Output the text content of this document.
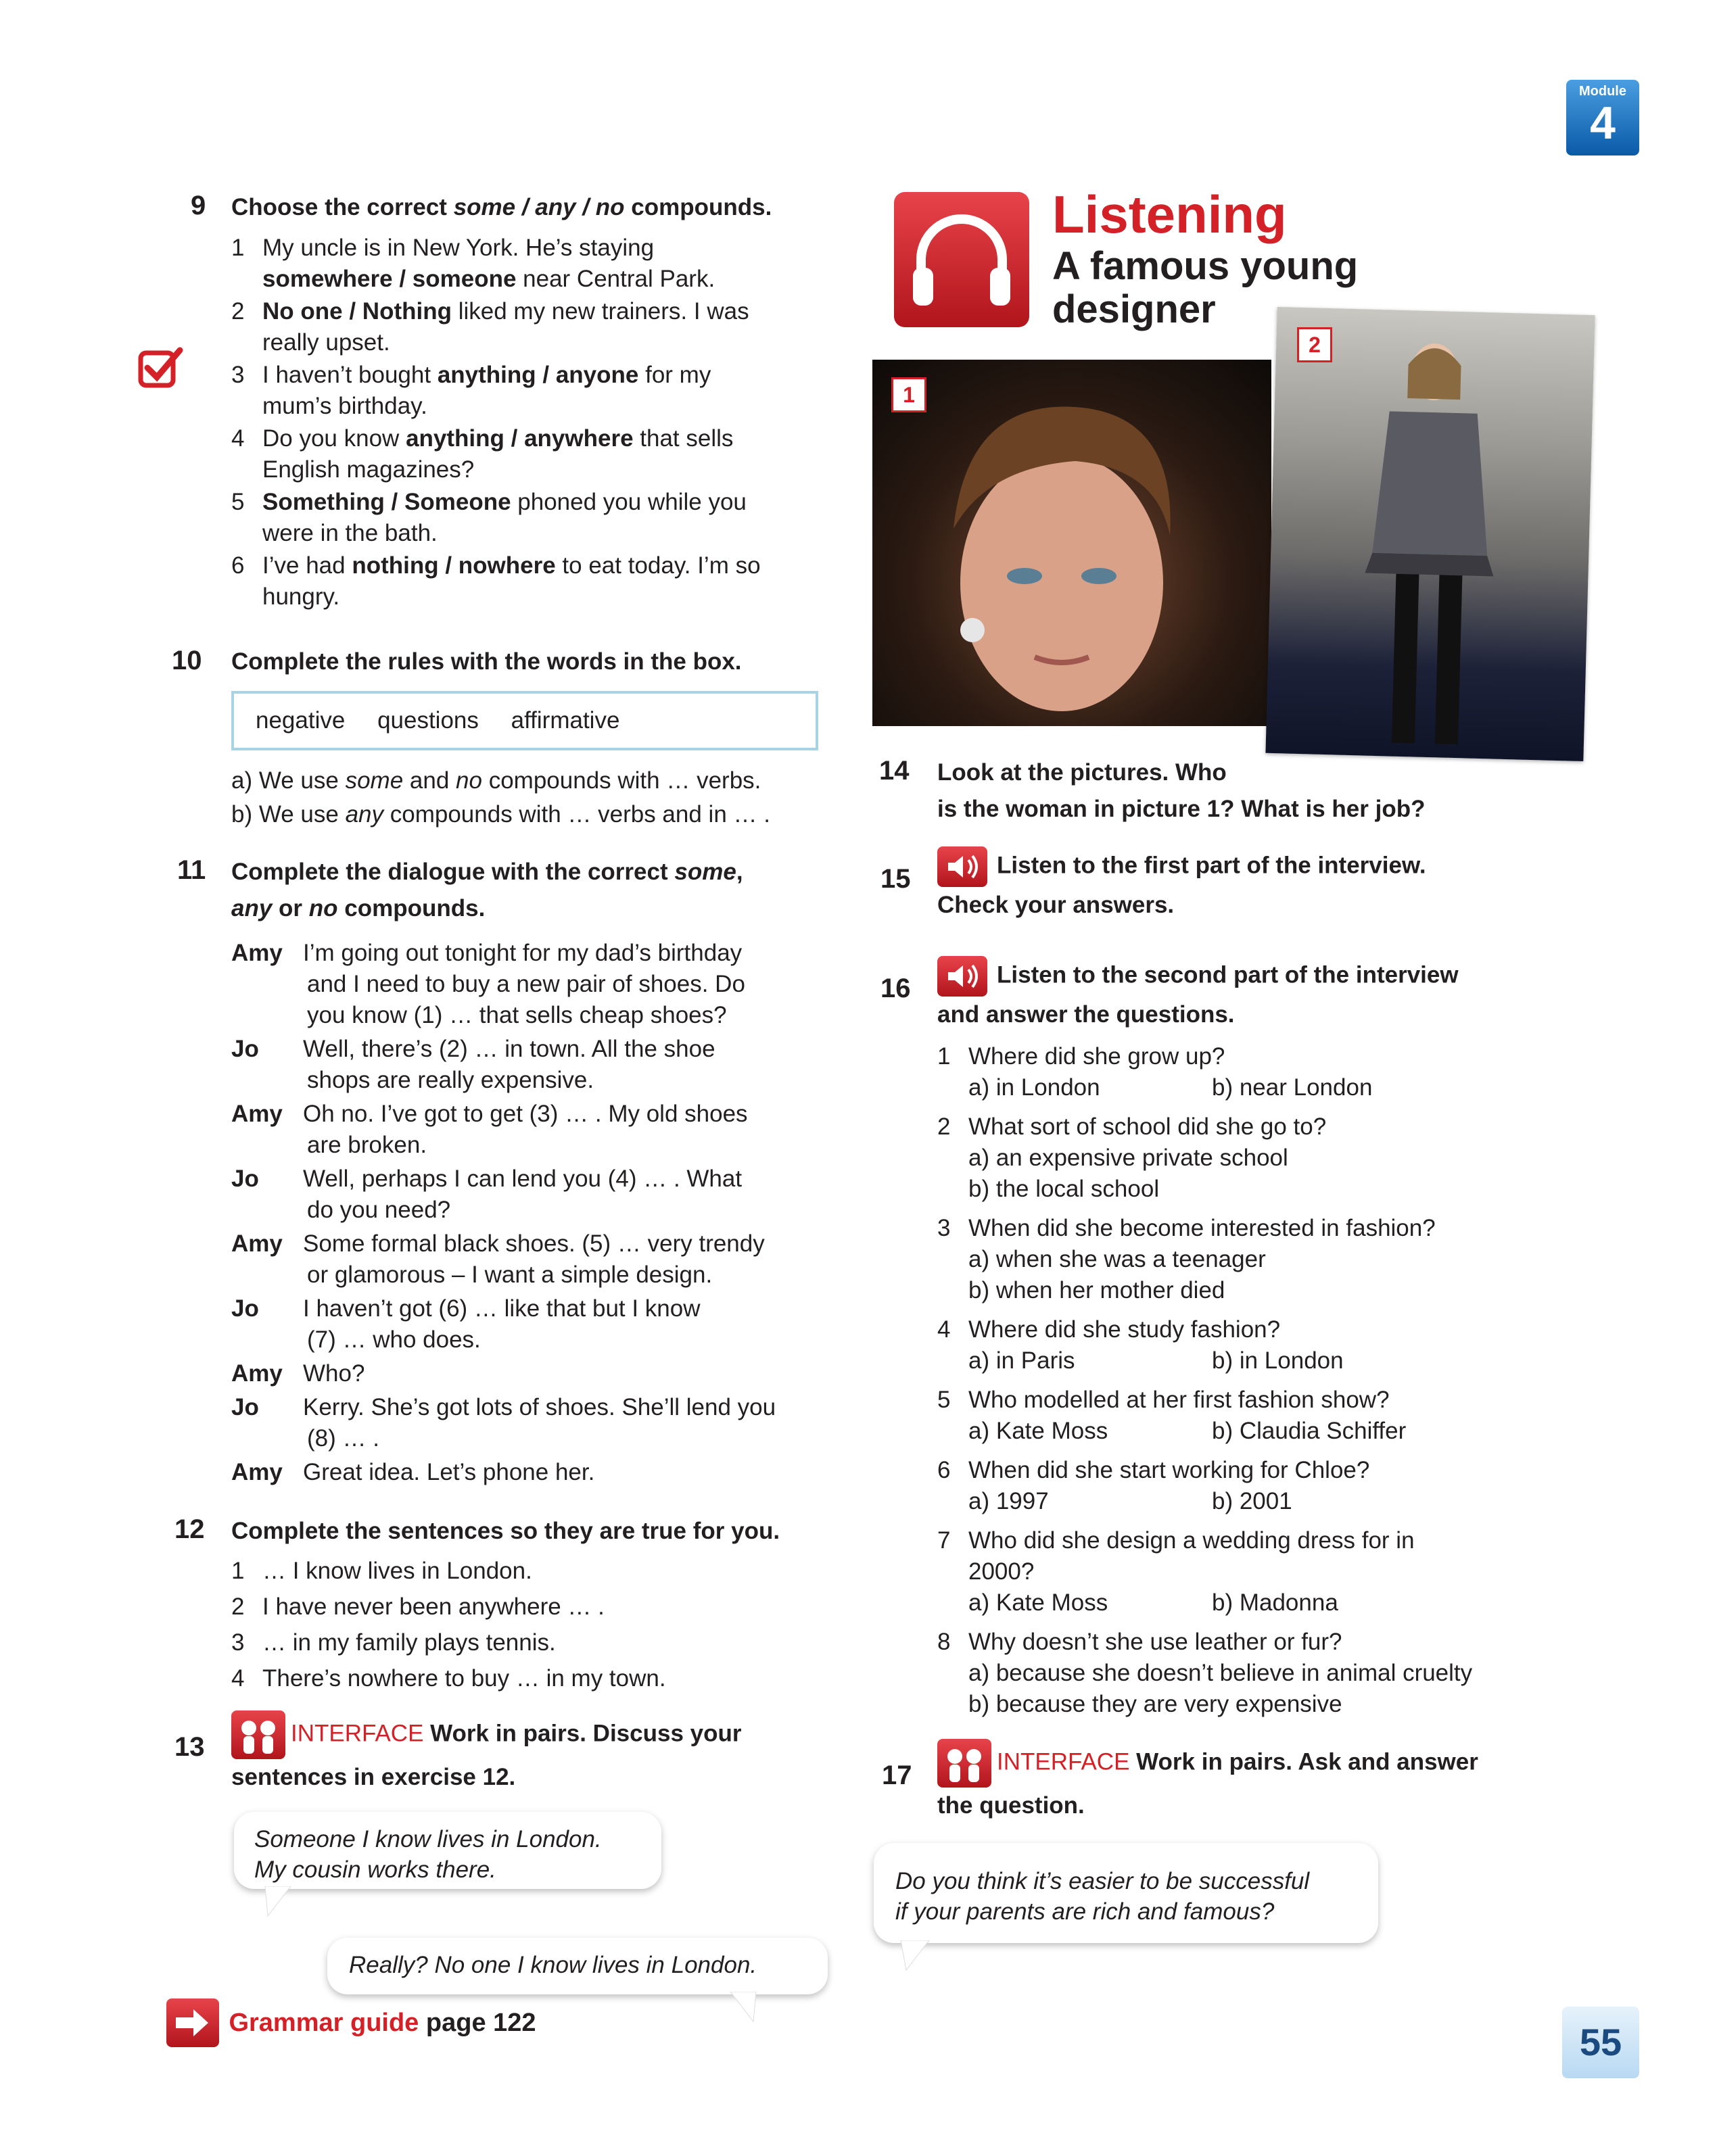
Module
4
9 Choose the correct some / any / no compounds.
1 My uncle is in New York. He’s staying
somewhere / someone near Central Park.
2 No one / Nothing liked my new trainers. I was
really upset.
3 I haven’t bought anything / anyone for my
mum’s birthday.
4 Do you know anything / anywhere that sells
English magazines?
5 Something / Someone phoned you while you
were in the bath.
6 I’ve had nothing / nowhere to eat today. I’m so
hungry.
10 Complete the rules with the words in the box.
negative questions affirmative
a) We use some and no compounds with … verbs.
b) We use any compounds with … verbs and in … .
11 Complete the dialogue with the correct some,
any or no compounds.
Amy I’m going out tonight for my dad’s birthday
and I need to buy a new pair of shoes. Do
you know (1) … that sells cheap shoes?
Jo Well, there’s (2) … in town. All the shoe
shops are really expensive.
Amy Oh no. I’ve got to get (3) … . My old shoes
are broken.
Jo Well, perhaps I can lend you (4) … . What
do you need?
Amy Some formal black shoes. (5) … very trendy
or glamorous – I want a simple design.
Jo I haven’t got (6) … like that but I know
(7) … who does.
Amy Who?
Jo Kerry. She’s got lots of shoes. She’ll lend you
(8) … .
Amy Great idea. Let’s phone her.
12 Complete the sentences so they are true for you.
1 … I know lives in London.
2 I have never been anywhere … .
3 … in my family plays tennis.
4 There’s nowhere to buy … in my town.
13	INTERFACE Work in pairs. Discuss your
sentences in exercise 12.
Someone I know lives in London.
My cousin works there.
Really? No one I know lives in London.
Grammar guide page 122
Listening
A famous young
designer
1
2
14 Look at the pictures. Who
is the woman in picture 1? What is her job?
15	Listen to the first part of the interview.
Check your answers.
16	Listen to the second part of the interview
and answer the questions.
1 Where did she grow up?
a) in London	b) near London
2 What sort of school did she go to?
a) an expensive private school
b) the local school
3 When did she become interested in fashion?
a) when she was a teenager
b) when her mother died
4 Where did she study fashion?
a) in Paris	b) in London
5 Who modelled at her first fashion show?
a) Kate Moss	b) Claudia Schiffer
6 When did she start working for Chloe?
a) 1997	b) 2001
7 Who did she design a wedding dress for in
2000?
a) Kate Moss	b) Madonna
8 Why doesn’t she use leather or fur?
a) because she doesn’t believe in animal cruelty
b) because they are very expensive
17	INTERFACE Work in pairs. Ask and answer
the question.
Do you think it’s easier to be successful
if your parents are rich and famous?
55
